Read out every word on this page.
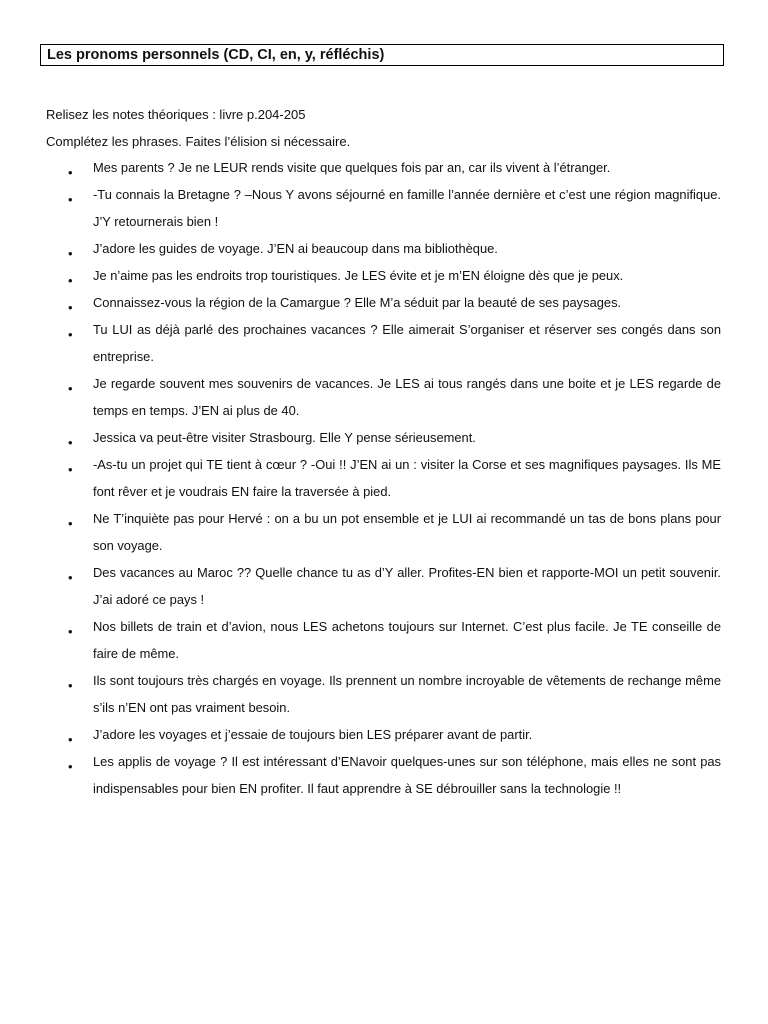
Les pronoms personnels (CD, CI, en, y, réfléchis)
Relisez les notes théoriques : livre p.204-205
Complétez les phrases. Faites l’élision si nécessaire.
• Mes parents ? Je ne LEUR rends visite que quelques fois par an, car ils vivent à l’étranger.
• -Tu connais la Bretagne ? –Nous Y avons séjourné en famille l’année dernière et c’est une région magnifique. J’Y retournerais bien !
• J’adore les guides de voyage. J’EN ai beaucoup dans ma bibliothèque.
• Je n’aime pas les endroits trop touristiques. Je LES évite et je m’EN éloigne dès que je peux.
• Connaissez-vous la région de la Camargue ? Elle M’a séduit par la beauté de ses paysages.
• Tu LUI as déjà parlé des prochaines vacances ? Elle aimerait S’organiser et réserver ses congés dans son entreprise.
• Je regarde souvent mes souvenirs de vacances. Je LES ai tous rangés dans une boite et je LES regarde de temps en temps. J’EN ai plus de 40.
• Jessica va peut-être visiter Strasbourg. Elle Y pense sérieusement.
• -As-tu un projet qui TE tient à cœur ? -Oui !! J’EN ai un : visiter la Corse et ses magnifiques paysages. Ils ME font rêver et je voudrais EN faire la traversée à pied.
• Ne T’inquiète pas pour Hervé : on a bu un pot ensemble et je LUI ai recommandé un tas de bons plans pour son voyage.
• Des vacances au Maroc ?? Quelle chance tu as d’Y aller. Profites-EN bien et rapporte-MOI un petit souvenir. J’ai adoré ce pays !
• Nos billets de train et d’avion, nous LES achetons toujours sur Internet. C’est plus facile. Je TE conseille de faire de même.
• Ils sont toujours très chargés en voyage. Ils prennent un nombre incroyable de vêtements de rechange même s’ils n’EN ont pas vraiment besoin.
• J’adore les voyages et j’essaie de toujours bien LES préparer avant de partir.
• Les applis de voyage ? Il est intéressant d’ENavoir quelques-unes sur son téléphone, mais elles ne sont pas indispensables pour bien EN profiter. Il faut apprendre à SE débrouiller sans la technologie !!
